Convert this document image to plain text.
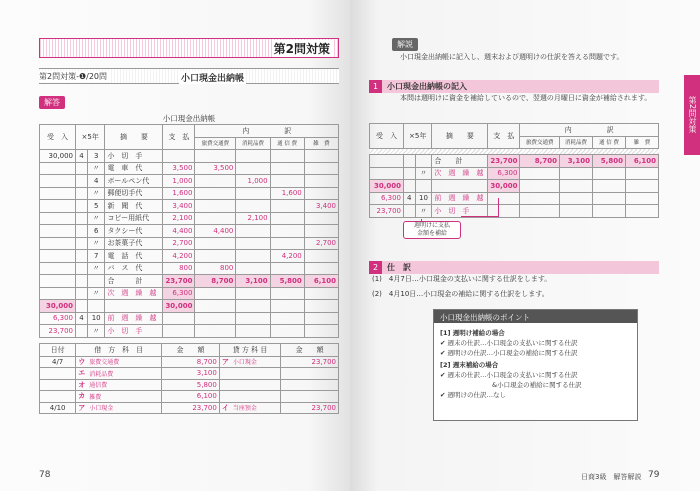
第2問対策
第2問対策-❶/20問	小口現金出納帳
解答
小口現金出納帳
受　入	×5年		摘　　要	支　払	内　　　　　訳			
					旅費交通費	消耗品費	通 信 費	雑　費
30,000	4	3	小　切　手					
		〃	電　車　代	3,500	3,500			
		4	ボールペン代	1,000		1,000		
		〃	郵便切手代	1,600			1,600	
		5	新　聞　代	3,400				3,400
		〃	コピー用紙代	2,100		2,100		
		6	タクシー代	4,400	4,400			
		〃	お茶菓子代	2,700				2,700
		7	電　話　代	4,200			4,200	
		〃	バ　ス　代	800	800			
			合　　　計	23,700	8,700	3,100	5,800	6,100
		〃	次　週　繰　越	6,300				
30,000				30,000				
6,300	4	10	前　週　繰　越					
23,700		〃	小　切　手					
日付	借　方　科　目		金　　額	貸 方 科 目		金　　額
4/7	ウ	旅費交通費	8,700	ア	小口現金	23,700
	エ	消耗品費	3,100			
	オ	通信費	5,800			
	カ	雑費	6,100			
4/10	ア	小口現金	23,700	イ	当座預金	23,700
78
解説
小口現金出納帳に記入し、週末および週明けの仕訳を答える問題です。
1	小口現金出納帳の記入
本問は週明けに資金を補給しているので、翌週の月曜日に資金が補給されます。
受　入	×5年		摘　　要	支　払	内　　　　　訳			
					旅費交通費	消耗品費	通 信 費	雑　費

			合　　計	23,700	8,700	3,100	5,800	6,100
		〃	次　週　繰　越	6,300				
30,000				30,000				
6,300	4	10	前　週　繰　越					
23,700		〃	小　切　手					
週明けに支払
金額を補給
2	仕　訳
(1)　4月7日…小口現金の支払いに関する仕訳をします。
(2)　4月10日…小口現金の補給に関する仕訳をします。
小口現金出納帳のポイント
[1] 週明け補給の場合
✔ 週末の仕訳…小口現金の支払いに関する仕訳
✔ 週明けの仕訳…小口現金の補給に関する仕訳
[2] 週末補給の場合
✔ 週末の仕訳…小口現金の支払いに関する仕訳
　　　　　　　　&小口現金の補給に関する仕訳
✔ 週明けの仕訳…なし
第2問対策
日商3級　解答解説 79
